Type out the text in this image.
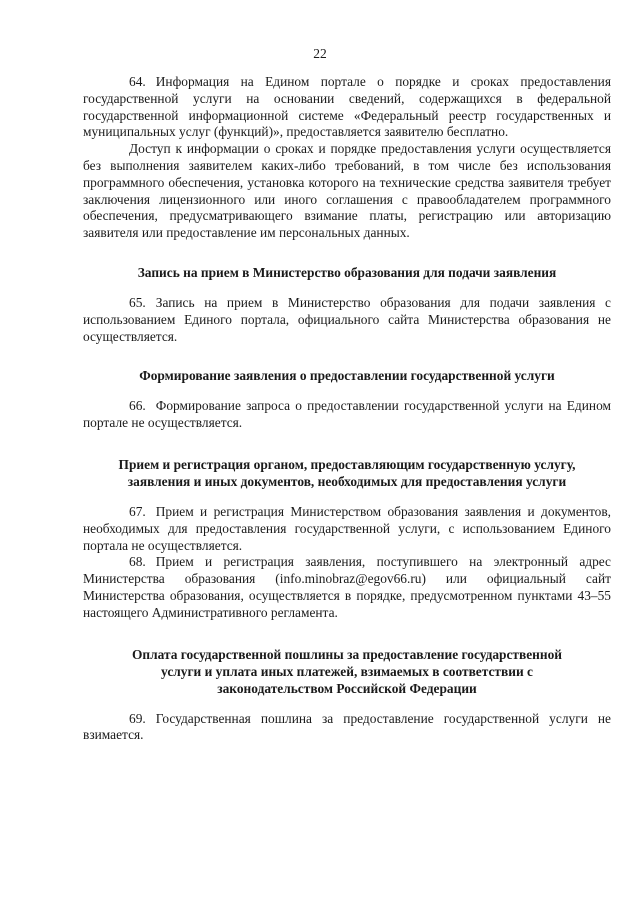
22

64. Информация на Едином портале о порядке и сроках предоставления государственной услуги на основании сведений, содержащихся в федеральной государственной информационной системе «Федеральный реестр государственных и муниципальных услуг (функций)», предоставляется заявителю бесплатно.

Доступ к информации о сроках и порядке предоставления услуги осуществляется без выполнения заявителем каких-либо требований, в том числе без использования программного обеспечения, установка которого на технические средства заявителя требует заключения лицензионного или иного соглашения с правообладателем программного обеспечения, предусматривающего взимание платы, регистрацию или авторизацию заявителя или предоставление им персональных данных.

Запись на прием в Министерство образования для подачи заявления

65. Запись на прием в Министерство образования для подачи заявления с использованием Единого портала, официального сайта Министерства образования не осуществляется.

Формирование заявления о предоставлении государственной услуги

66. Формирование запроса о предоставлении государственной услуги на Едином портале не осуществляется.

Прием и регистрация органом, предоставляющим государственную услугу,
заявления и иных документов, необходимых для предоставления услуги

67. Прием и регистрация Министерством образования заявления и документов, необходимых для предоставления государственной услуги, с использованием Единого портала не осуществляется.

68. Прием и регистрация заявления, поступившего на электронный адрес Министерства образования (info.minobraz@egov66.ru) или официальный сайт Министерства образования, осуществляется в порядке, предусмотренном пунктами 43–55 настоящего Административного регламента.

Оплата государственной пошлины за предоставление государственной
услуги и уплата иных платежей, взимаемых в соответствии с
законодательством Российской Федерации

69. Государственная пошлина за предоставление государственной услуги не взимается.
